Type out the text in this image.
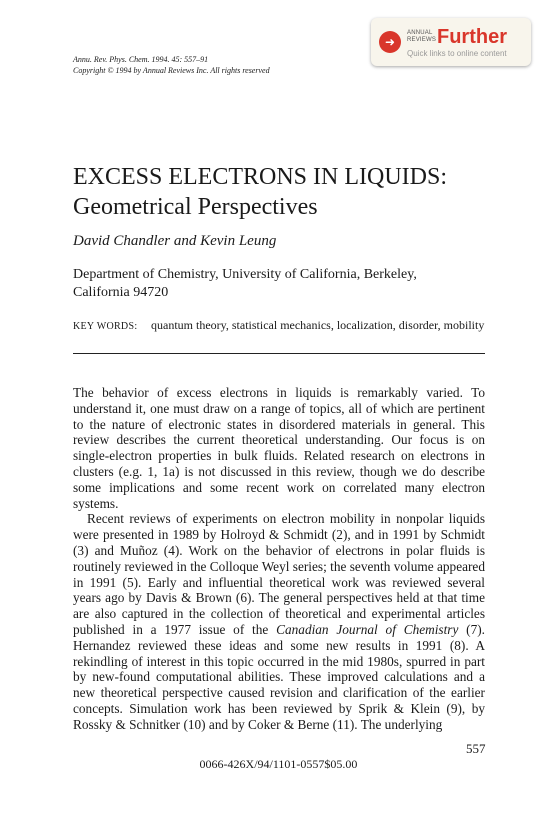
Annu. Rev. Phys. Chem. 1994. 45: 557–91
Copyright © 1994 by Annual Reviews Inc. All rights reserved
➜
ANNUAL REVIEWS Further
Quick links to online content
EXCESS ELECTRONS IN LIQUIDS:
Geometrical Perspectives
David Chandler and Kevin Leung
Department of Chemistry, University of California, Berkeley,
California 94720
KEY WORDS:	quantum theory, statistical mechanics, localization, disorder, mobility

The behavior of excess electrons in liquids is remarkably varied. To understand it, one must draw on a range of topics, all of which are pertinent to the nature of electronic states in disordered materials in general. This review describes the current theoretical understanding. Our focus is on single-electron properties in bulk fluids. Related research on electrons in clusters (e.g. 1, 1a) is not discussed in this review, though we do describe some implications and some recent work on correlated many electron systems.

Recent reviews of experiments on electron mobility in nonpolar liquids were presented in 1989 by Holroyd & Schmidt (2), and in 1991 by Schmidt (3) and Muñoz (4). Work on the behavior of electrons in polar fluids is routinely reviewed in the Colloque Weyl series; the seventh volume appeared in 1991 (5). Early and influential theoretical work was reviewed several years ago by Davis & Brown (6). The general perspectives held at that time are also captured in the collection of theoretical and experimental articles published in a 1977 issue of the Canadian Journal of Chemistry (7). Hernandez reviewed these ideas and some new results in 1991 (8). A rekindling of interest in this topic occurred in the mid 1980s, spurred in part by new-found computational abilities. These improved calculations and a new theoretical perspective caused revision and clarification of the earlier concepts. Simulation work has been reviewed by Sprik & Klein (9), by Rossky & Schnitker (10) and by Coker & Berne (11). The underlying

557
0066-426X/94/1101-0557$05.00
